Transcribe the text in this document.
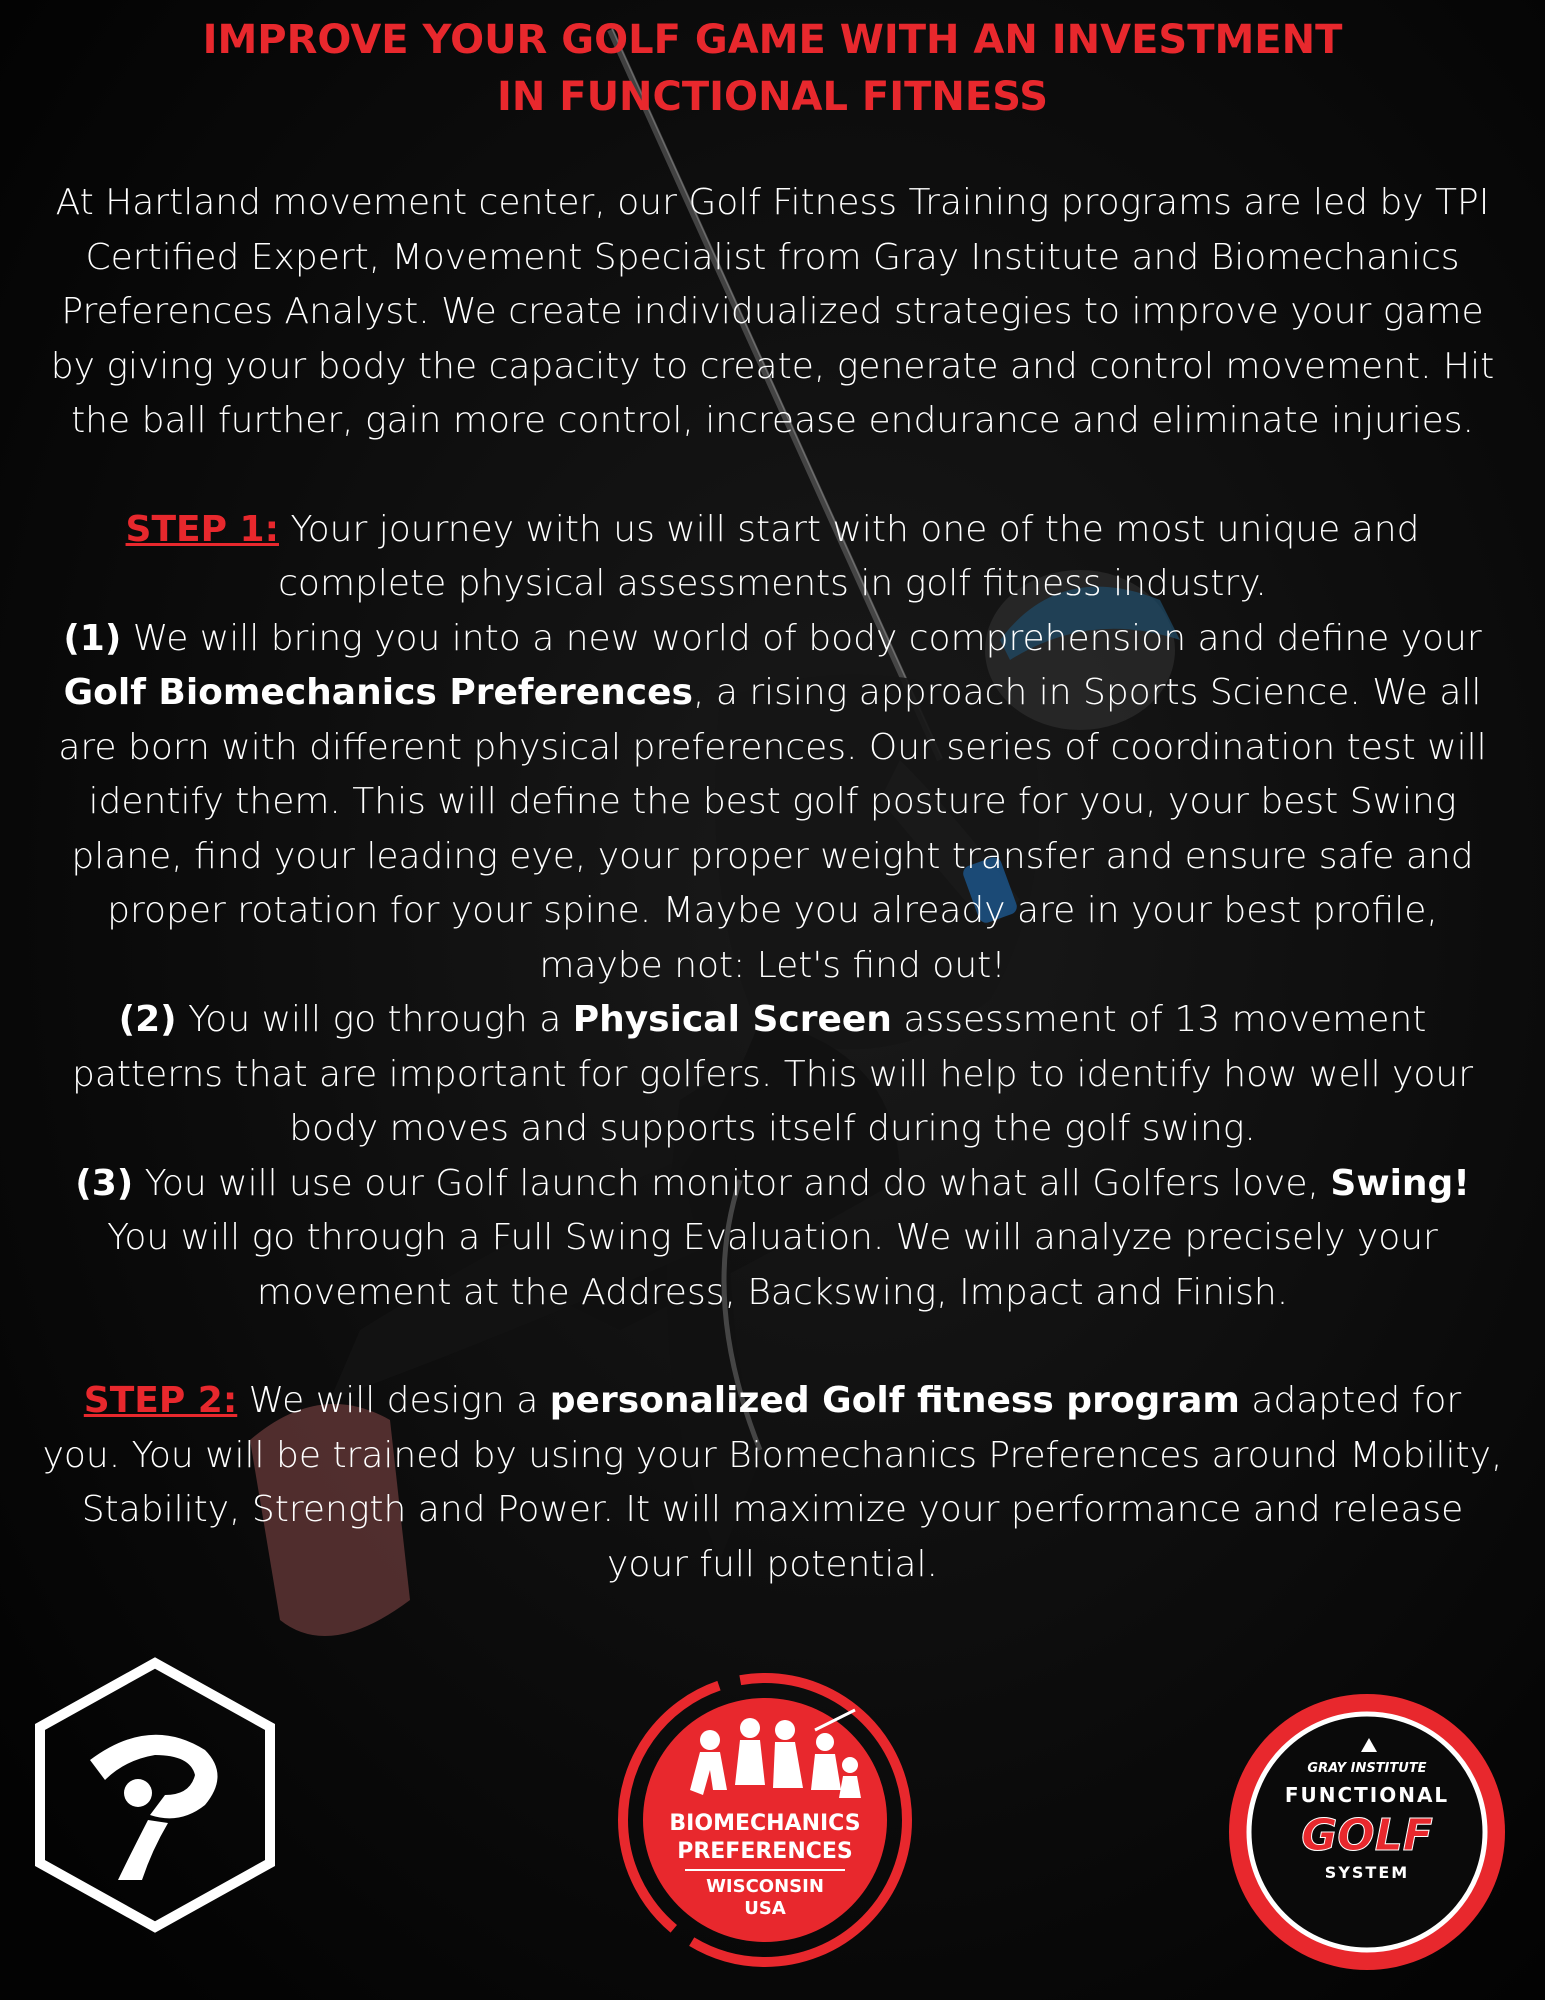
IMPROVE YOUR GOLF GAME WITH AN INVESTMENT
IN FUNCTIONAL FITNESS

At Hartland movement center, our Golf Fitness Training programs are led by TPI Certified Expert, Movement Specialist from Gray Institute and Biomechanics Preferences Analyst. We create individualized strategies to improve your game by giving your body the capacity to create, generate and control movement. Hit the ball further, gain more control, increase endurance and eliminate injuries.

STEP 1: Your journey with us will start with one of the most unique and complete physical assessments in golf fitness industry.
(1) We will bring you into a new world of body comprehension and define your Golf Biomechanics Preferences, a rising approach in Sports Science. We all are born with different physical preferences. Our series of coordination test will identify them. This will define the best golf posture for you, your best Swing plane, find your leading eye, your proper weight transfer and ensure safe and proper rotation for your spine. Maybe you already are in your best profile, maybe not: Let's find out!
(2) You will go through a Physical Screen assessment of 13 movement patterns that are important for golfers. This will help to identify how well your body moves and supports itself during the golf swing.
(3) You will use our Golf launch monitor and do what all Golfers love, Swing! You will go through a Full Swing Evaluation. We will analyze precisely your movement at the Address, Backswing, Impact and Finish.

STEP 2: We will design a personalized Golf fitness program adapted for you. You will be trained by using your Biomechanics Preferences around Mobility, Stability, Strength and Power. It will maximize your performance and release your full potential.

BIOMECHANICS
PREFERENCES
WISCONSIN
USA
GRAY INSTITUTE
FUNCTIONAL
GOLF
SYSTEM
